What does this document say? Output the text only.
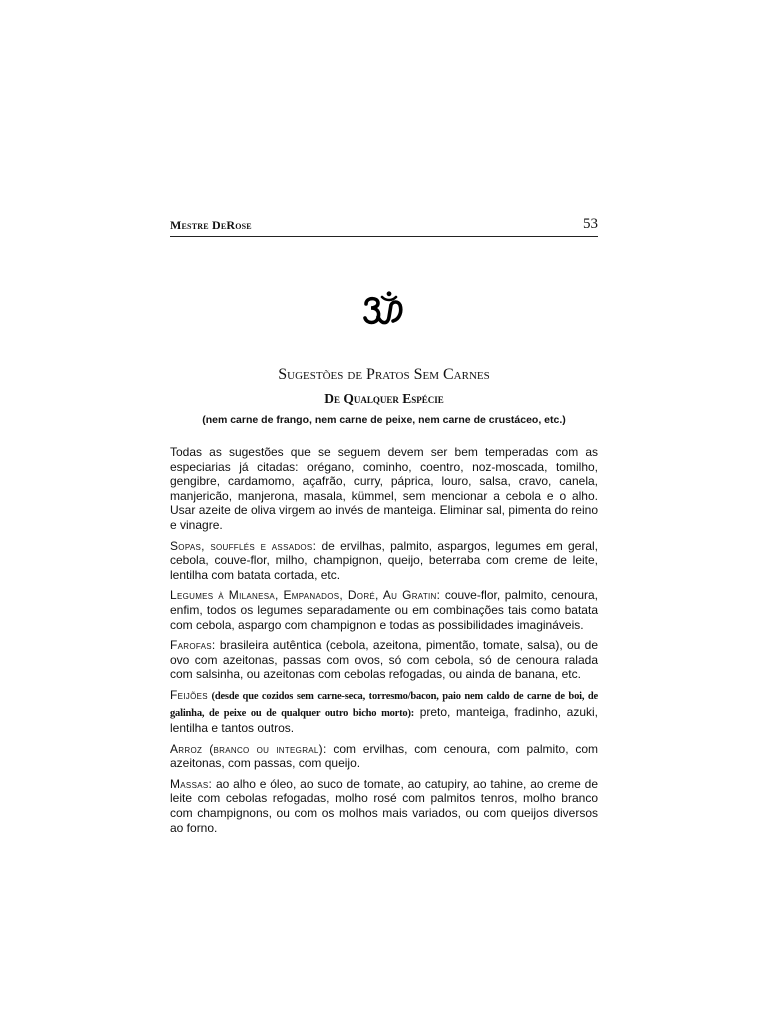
Mestre DeRose	53
Sugestões de Pratos Sem Carnes
De Qualquer Espécie
(nem carne de frango, nem carne de peixe, nem carne de crustáceo, etc.)

Todas as sugestões que se seguem devem ser bem temperadas com as especiarias já citadas: orégano, cominho, coentro, noz-moscada, tomilho, gengibre, cardamomo, açafrão, curry, páprica, louro, salsa, cravo, canela, manjericão, manjerona, masala, kümmel, sem mencionar a cebola e o alho. Usar azeite de oliva virgem ao invés de manteiga. Eliminar sal, pimenta do reino e vinagre.

Sopas, soufflés e assados: de ervilhas, palmito, aspargos, legumes em geral, cebola, couve-flor, milho, champignon, queijo, beterraba com creme de leite, lentilha com batata cortada, etc.

Legumes à Milanesa, Empanados, Doré, Au Gratin: couve-flor, palmito, cenoura, enfim, todos os legumes separadamente ou em combinações tais como batata com cebola, aspargo com champignon e todas as possibilidades imagináveis.

Farofas: brasileira autêntica (cebola, azeitona, pimentão, tomate, salsa), ou de ovo com azeitonas, passas com ovos, só com cebola, só de cenoura ralada com salsinha, ou azeitonas com cebolas refogadas, ou ainda de banana, etc.

Feijões (desde que cozidos sem carne-seca, torresmo/bacon, paio nem caldo de carne de boi, de galinha, de peixe ou de qualquer outro bicho morto): preto, manteiga, fradinho, azuki, lentilha e tantos outros.

Arroz (branco ou integral): com ervilhas, com cenoura, com palmito, com azeitonas, com passas, com queijo.

Massas: ao alho e óleo, ao suco de tomate, ao catupiry, ao tahine, ao creme de leite com cebolas refogadas, molho rosé com palmitos tenros, molho branco com champignons, ou com os molhos mais variados, ou com queijos diversos ao forno.
